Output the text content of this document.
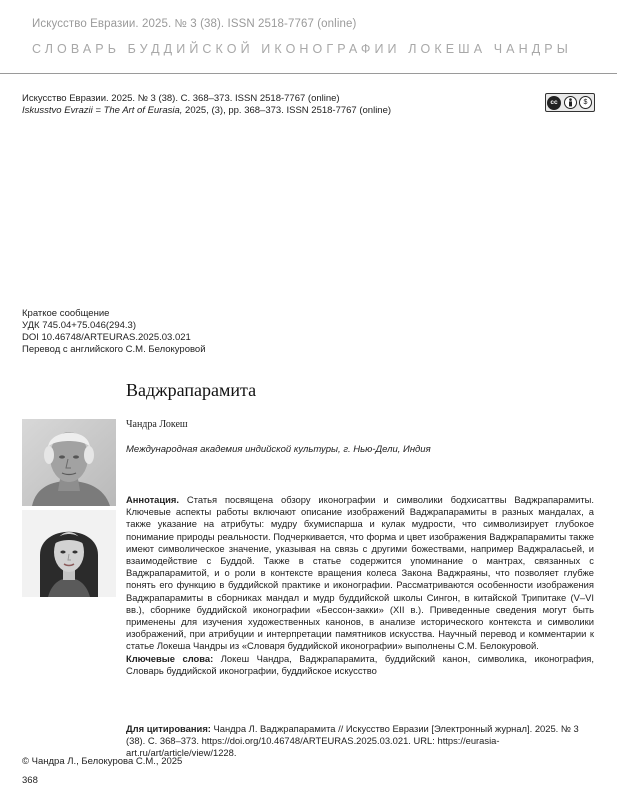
Искусство Евразии. 2025. № 3 (38). ISSN 2518-7767 (online)
СЛОВАРЬ БУДДИЙСКОЙ ИКОНОГРАФИИ ЛОКЕША ЧАНДРЫ
Искусство Евразии. 2025. № 3 (38). С. 368–373. ISSN 2518-7767 (online)
Iskusstvo Evrazii = The Art of Eurasia, 2025, (3), pp. 368–373. ISSN 2518-7767 (online)
cc	$
Краткое сообщение
УДК 745.04+75.046(294.3)
DOI 10.46748/ARTEURAS.2025.03.021
Перевод с английского С.М. Белокуровой
Ваджрапарамита
Чандра Локеш
Международная академия индийской культуры, г. Нью-Дели, Индия
Аннотация. Статья посвящена обзору иконографии и символики бодхисаттвы Ваджрапарамиты. Ключевые аспекты работы включают описание изображений Ваджрапарамиты в разных мандалах, а также указание на атрибуты: мудру бхумиспарша и кулак мудрости, что символизирует глубокое понимание природы реальности. Подчеркивается, что форма и цвет изображения Ваджрапарамиты также имеют символическое значение, указывая на связь с другими божествами, например Ваджраласьей, и взаимодействие с Буддой. Также в статье содержится упоминание о мантрах, связанных с Ваджрапарамитой, и о роли в контексте вращения колеса Закона Ваджраяны, что позволяет глубже понять его функцию в буддийской практике и иконографии. Рассматриваются особенности изображения Ваджрапарамиты в сборниках мандал и мудр буддийской школы Сингон, в китайской Трипитаке (V–VI вв.), сборнике буддийской иконографии «Бессон-закки» (XII в.). Приведенные сведения могут быть применены для изучения художественных канонов, в анализе исторического контекста и символики изображений, при атрибуции и интерпретации памятников искусства. Научный перевод и комментарии к статье Локеша Чандры из «Словаря буддийской иконографии» выполнены С.М. Белокуровой.
Ключевые слова: Локеш Чандра, Ваджрапарамита, буддийский канон, символика, иконография, Словарь буддийской иконографии, буддийское искусство
Для цитирования: Чандра Л. Ваджрапарамита // Искусство Евразии [Электронный журнал]. 2025. № 3 (38). С. 368–373. https://doi.org/10.46748/ARTEURAS.2025.03.021. URL: https://eurasia-art.ru/art/article/view/1228.
© Чандра Л., Белокурова С.М., 2025
368
